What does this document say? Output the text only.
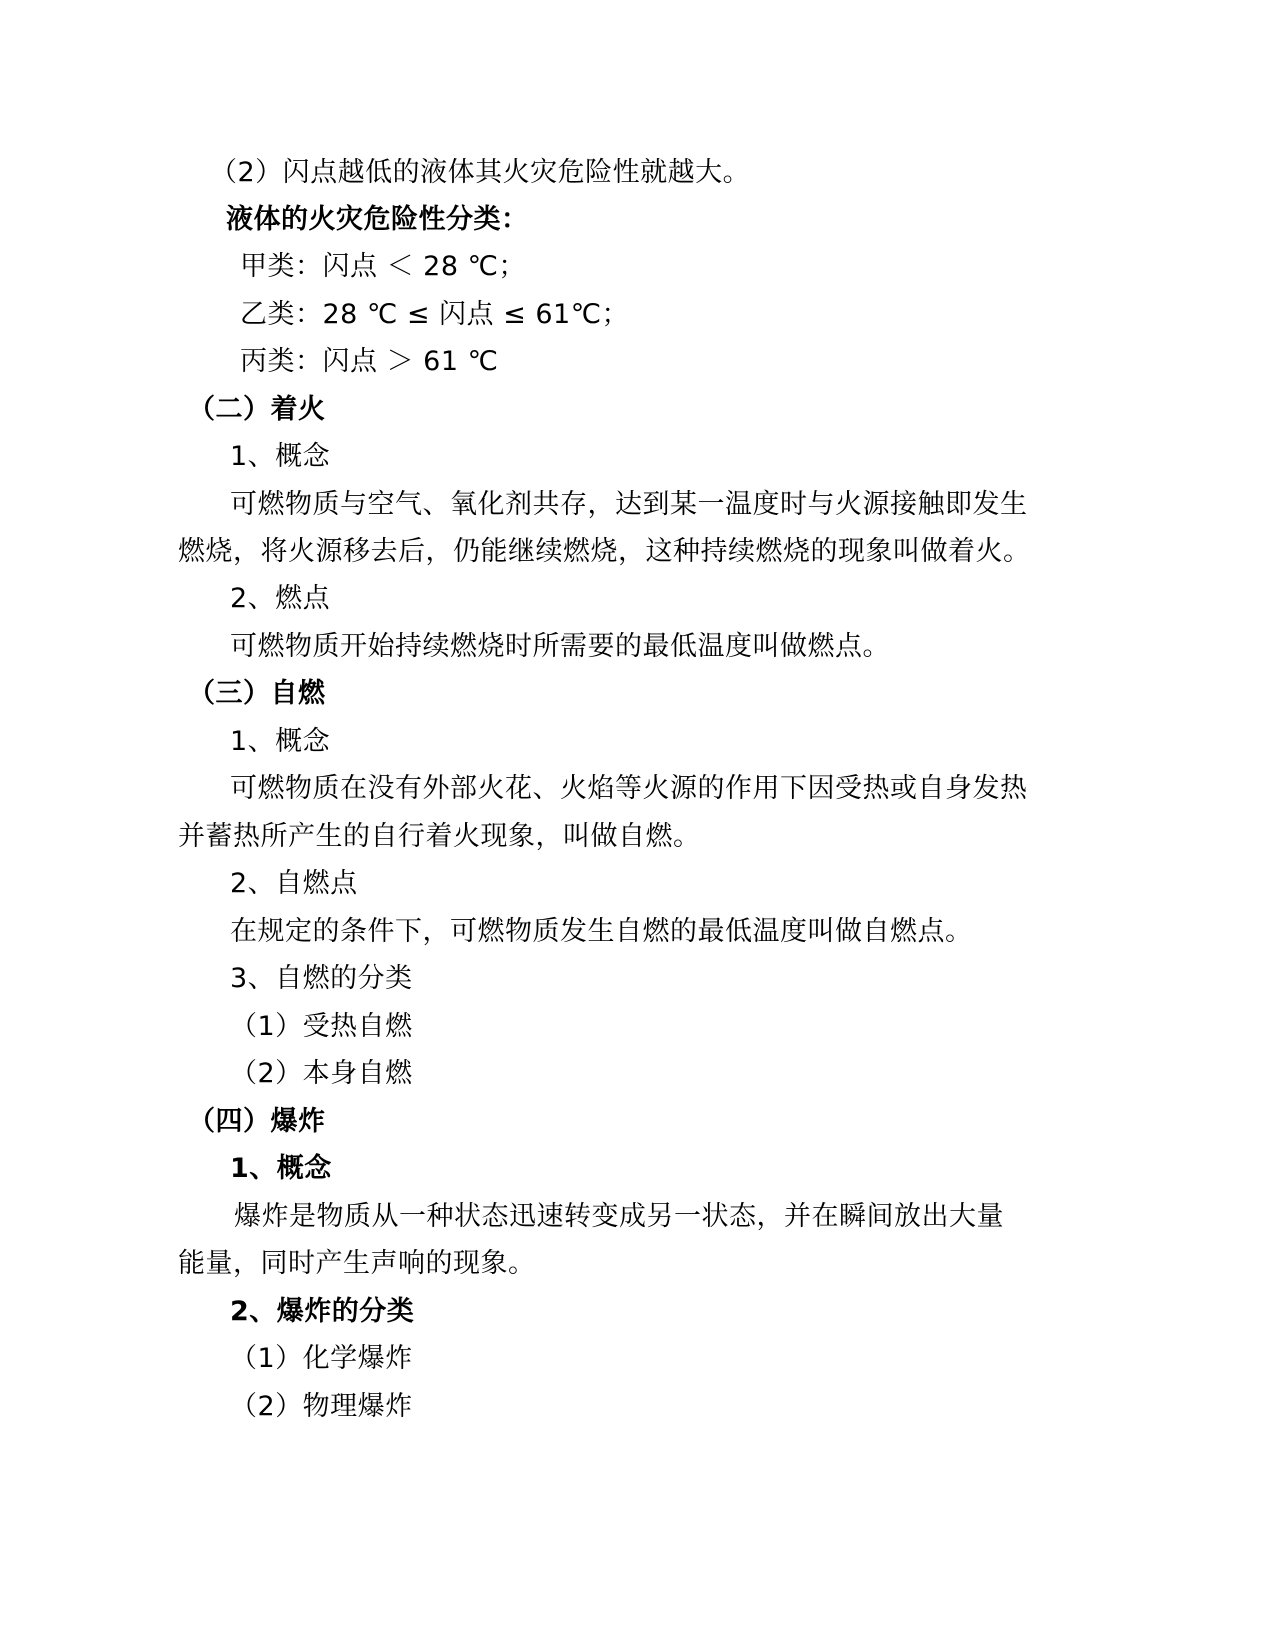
（2）闪点越低的液体其火灾危险性就越大。
液体的火灾危险性分类：
甲类：闪点 ＜ 28 ℃；
乙类：28 ℃ ≤ 闪点 ≤ 61℃；
丙类：闪点 ＞ 61 ℃
（二）着火
1、概念
可燃物质与空气、氧化剂共存，达到某一温度时与火源接触即发生
燃烧，将火源移去后，仍能继续燃烧，这种持续燃烧的现象叫做着火。
2、燃点
可燃物质开始持续燃烧时所需要的最低温度叫做燃点。
（三）自燃
1、概念
可燃物质在没有外部火花、火焰等火源的作用下因受热或自身发热
并蓄热所产生的自行着火现象，叫做自燃。
2、自燃点
在规定的条件下，可燃物质发生自燃的最低温度叫做自燃点。
3、自燃的分类
（1）受热自燃
（2）本身自燃
（四）爆炸
1、概念
爆炸是物质从一种状态迅速转变成另一状态，并在瞬间放出大量
能量，同时产生声响的现象。
2、爆炸的分类
（1）化学爆炸
（2）物理爆炸
